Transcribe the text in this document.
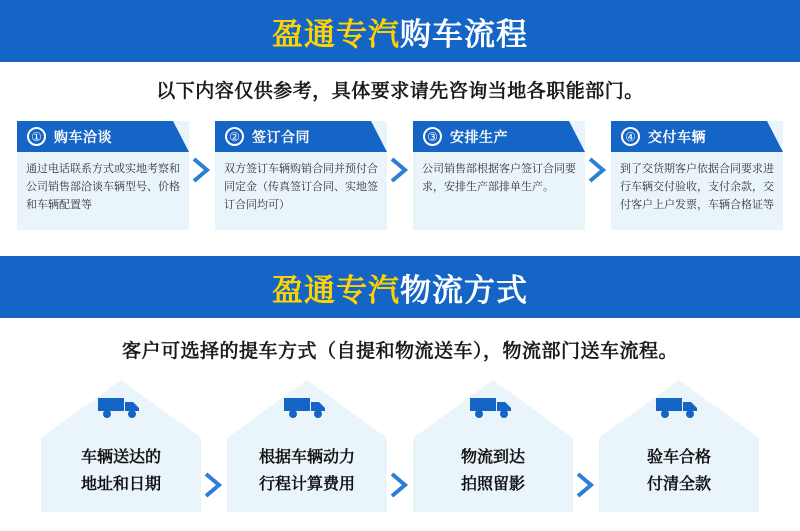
盈通专汽购车流程
以下内容仅供参考，具体要求请先咨询当地各职能部门。
① 购车洽谈
通过电话联系方式或实地考察和公司销售部洽谈车辆型号、价格和车辆配置等
② 签订合同
双方签订车辆购销合同并预付合同定金（传真签订合同、实地签订合同均可）
③ 安排生产
公司销售部根据客户签订合同要求，安排生产部排单生产。
④ 交付车辆
到了交货期客户依据合同要求进行车辆交付验收，支付余款，交付客户上户发票，车辆合格证等
盈通专汽物流方式
客户可选择的提车方式（自提和物流送车），物流部门送车流程。
车辆送达的
地址和日期
根据车辆动力
行程计算费用
物流到达
拍照留影
验车合格
付清全款
